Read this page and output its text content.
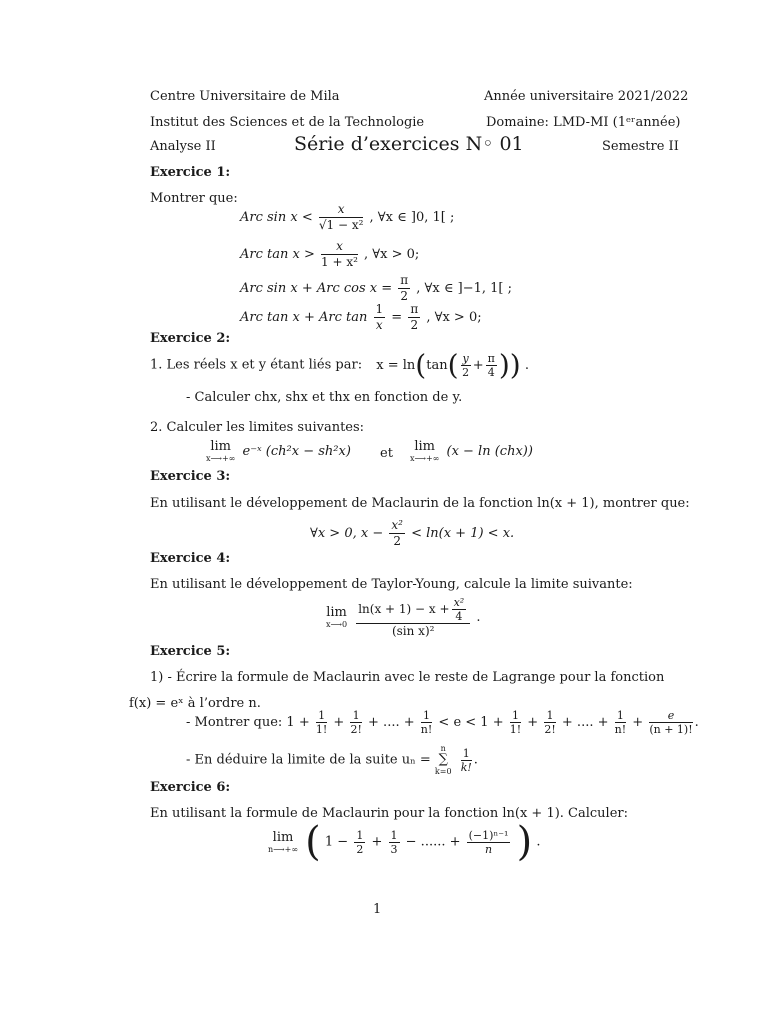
Centre Universitaire de Mila	Année universitaire 2021/2022
Institut des Sciences et de la Technologie	Domaine: LMD-MI (1ᵉʳannée)
Analyse II	Série d’exercices N◦ 01	Semestre II
Exercice 1:
Montrer que:
Arc $\sin x < \frac{x}{\text{√1 − x²}}$ , ∀x ∈ ]0, 1[ ;
Arc $\tan x > \frac{x}{\text{1 + x²}}$ , ∀x > 0;
Arc sin x + Arc $\cos x = \frac{\pi}{2}$ , ∀x ∈ ]−1, 1[ ;
Arc tan x + Arc $\tan \frac{1}{x} = \frac{\pi}{2}$ , ∀x > 0;
Exercice 2:
1. Les réels x et y étant liés par: $x = \ln(\tan( \frac{y}{2} + \frac{\pi}{4}$ )) .
- Calculer chx, shx et thx en fonction de y.
2. Calculer les limites suivantes:
lim
x⟶+∞ e⁻ˣ (ch²x − sh²x) et	lim
x⟶+∞ (x − ln (chx))
Exercice 3:
En utilisant le développement de Maclaurin de la fonction ln(x + 1), montrer que:
∀x > 0, $x - \frac{\text{x²}}{2} < \ln(x + 1) < x$.
Exercice 4:
En utilisant le développement de Taylor-Young, calcule la limite suivante:
lim
x⟶0
$\frac{\ln(x + 1) - x + \frac{\text{x²}}{4}}{\text{(sin x)²}}$ .
Exercice 5:
1) - Écrire la formule de Maclaurin avec le reste de Lagrange pour la fonction
f(x) = eˣ à l’ordre n.
- Montrer que: $1 + \frac{1}{1!} + \frac{1}{2!}$ + .... + $\frac{1}{n!} < e < 1 + \frac{1}{1!} + \frac{1}{2!}$ + .... + $\frac{1}{n!} + \frac{e}{(n + 1)!}$ .
- En déduire la limite de la suite uₙ =
n
∑
k=0
$\frac{1}{k!}$ .
Exercice 6:
En utilisant la formule de Maclaurin pour la fonction ln(x + 1). Calculer:
lim
n⟶+∞ ( $1 - \frac{1}{2} + \frac{1}{3}$ − ...... + $\frac{\text{(−1)ⁿ⁻¹}}{n}$ ) .
1
